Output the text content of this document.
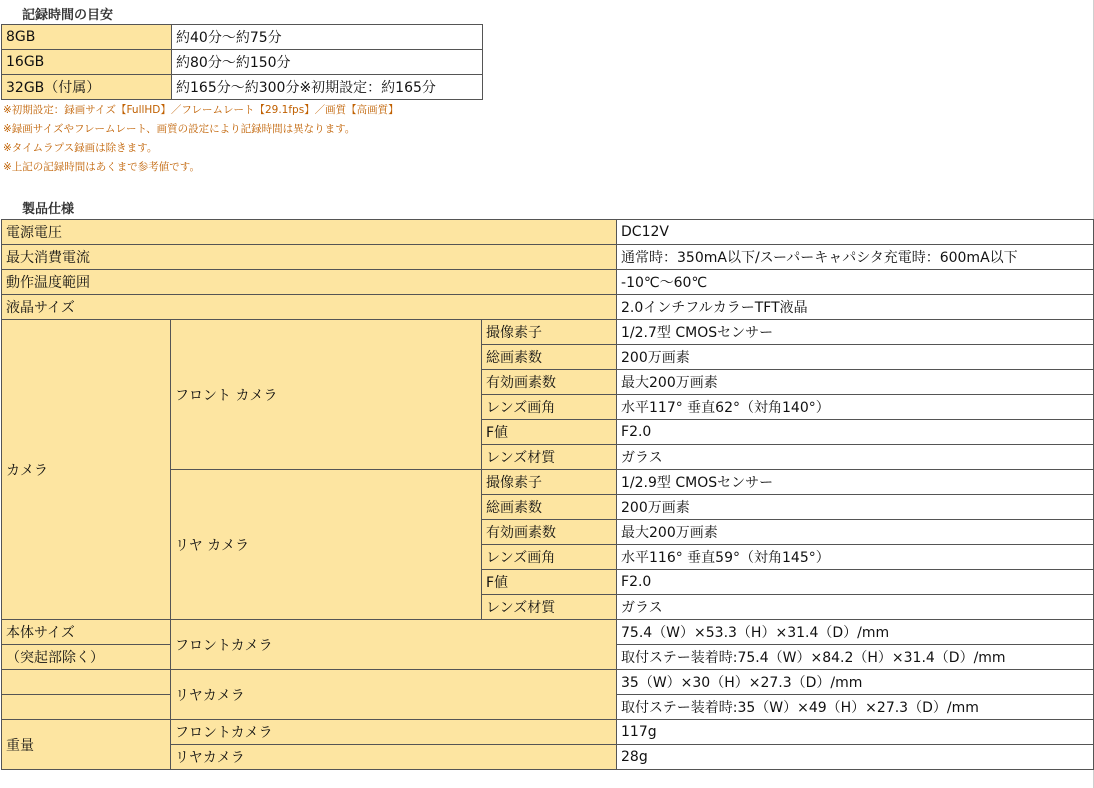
記録時間の目安
8GB	約40分～約75分
16GB	約80分～約150分
32GB（付属）	約165分～約300分※初期設定：約165分
※初期設定：録画サイズ【FullHD】／フレームレート【29.1fps】／画質【高画質】
※録画サイズやフレームレート、画質の設定により記録時間は異なります。
※タイムラプス録画は除きます。
※上記の記録時間はあくまで参考値です。
製品仕様
電源電圧			DC12V
最大消費電流			通常時：350mA以下/スーパーキャパシタ充電時：600mA以下
動作温度範囲			-10℃～60℃
液晶サイズ			2.0インチフルカラーTFT液晶
カメラ	フロント カメラ	撮像素子	1/2.7型 CMOSセンサー
		総画素数	200万画素
		有効画素数	最大200万画素
		レンズ画角	水平117° 垂直62°（対角140°）
		F値	F2.0
		レンズ材質	ガラス
	リヤ カメラ	撮像素子	1/2.9型 CMOSセンサー
		総画素数	200万画素
		有効画素数	最大200万画素
		レンズ画角	水平116° 垂直59°（対角145°）
		F値	F2.0
		レンズ材質	ガラス
本体サイズ	フロントカメラ		75.4（W）×53.3（H）×31.4（D）/mm
（突起部除く）			取付ステー装着時:75.4（W）×84.2（H）×31.4（D）/mm
	リヤカメラ		35（W）×30（H）×27.3（D）/mm
			取付ステー装着時:35（W）×49（H）×27.3（D）/mm
重量	フロントカメラ		117g
	リヤカメラ		28g
